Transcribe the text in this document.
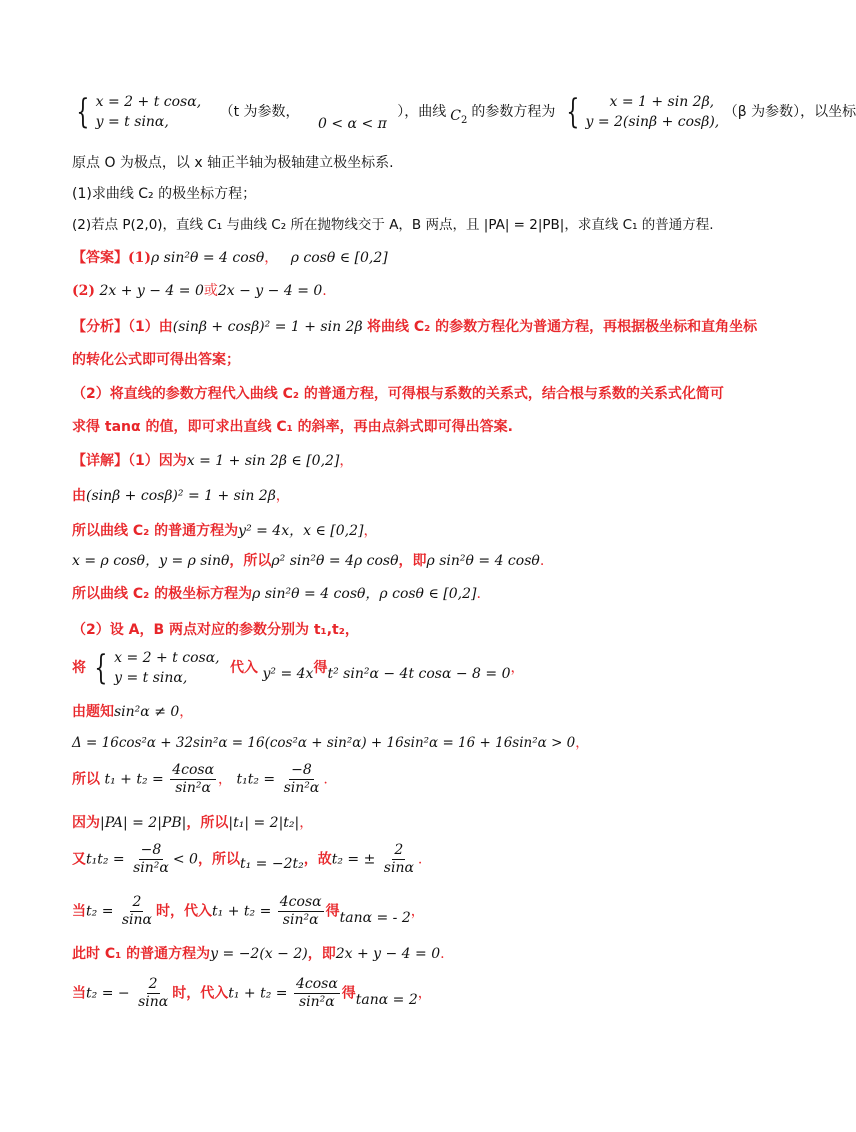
{ x = 2 + t cosα,
y = t sinα,
（t 为参数， 0 < α < π ），曲线 $C_2$的参数方程为 {	x = 1 + sin 2β,
y = 2(sinβ + cosβ),
（β 为参数），以坐标
原点 O 为极点，以 x 轴正半轴为极轴建立极坐标系.
(1)求曲线 C₂ 的极坐标方程；
(2)若点 P(2,0)，直线 C₁ 与曲线 C₂ 所在抛物线交于 A，B 两点，且 |PA| = 2|PB|，求直线 C₁ 的普通方程.
【答案】(1)ρ sin²θ = 4 cosθ， ρ cosθ ∈ [0,2]
(2) 2x + y − 4 = 0或2x − y − 4 = 0.
【分析】（1）由(sinβ + cosβ)² = 1 + sin 2β 将曲线 C₂ 的参数方程化为普通方程，再根据极坐标和直角坐标
的转化公式即可得出答案；
（2）将直线的参数方程代入曲线 C₂ 的普通方程，可得根与系数的关系式，结合根与系数的关系式化简可
求得 tanα 的值，即可求出直线 C₁ 的斜率，再由点斜式即可得出答案.
【详解】（1）因为x = 1 + sin 2β ∈ [0,2]，
由(sinβ + cosβ)² = 1 + sin 2β，
所以曲线 C₂ 的普通方程为y² = 4x，x ∈ [0,2]，
x = ρ cosθ，y = ρ sinθ，所以ρ² sin²θ = 4ρ cosθ，即ρ sin²θ = 4 cosθ.
所以曲线 C₂ 的极坐标方程为ρ sin²θ = 4 cosθ，ρ cosθ ∈ [0,2].
（2）设 A，B 两点对应的参数分别为 t₁,t₂，
将 { x = 2 + t cosα,
y = t sinα,
代入 y² = 4x得t² sin²α − 4t cosα − 8 = 0，
由题知sin²α ≠ 0，
Δ = 16cos²α + 32sin²α = 16(cos²α + sin²α) + 16sin²α = 16 + 16sin²α > 0，
所以 $t_1 + t_2 = \frac{4\cos\alpha}{\text{sin²α}}$ ， $t_1t_2 = \frac{-8}{\text{sin²α}}$ .
因为|PA| = 2|PB|，所以|t₁| = 2|t₂|，
又$t_1t_2 = \frac{-8}{\text{sin²α}} < 0$，所以t₁ = −2t₂，故t₂ = ± $\frac{2}{\sin\alpha}$ .
当$t_2 = \frac{2}{\sin\alpha}$ 时，代入$t_1 + t_2 = \frac{4\cos\alpha}{\text{sin²α}}$ 得tanα = - 2，
此时 C₁ 的普通方程为y = −2(x − 2)，即2x + y − 4 = 0.
当t₂ = − $\frac{2}{\sin\alpha}$ 时，代入$t_1 + t_2 = \frac{4\cos\alpha}{\text{sin²α}}$ 得tanα = 2，
